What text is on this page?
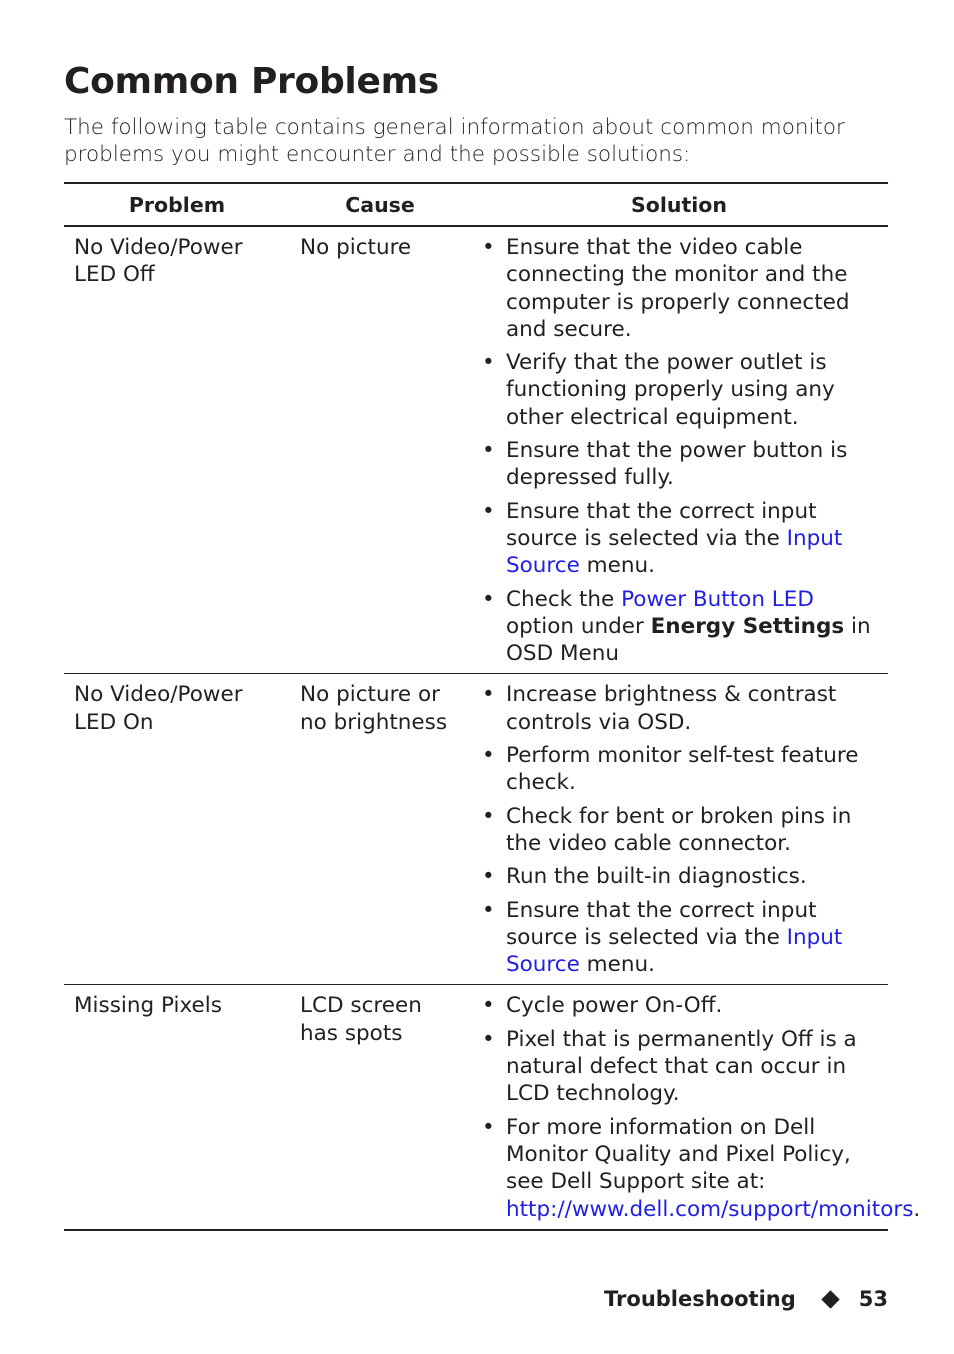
Common Problems

The following table contains general information about common monitor
problems you might encounter and the possible solutions:

Problem	Cause	Solution
No Video/Power LED Off
No picture
•	Ensure that the video cable connecting the monitor and the computer is properly connected and secure.
• Verify that the power outlet is functioning properly using any other electrical equipment.
• Ensure that the power button is depressed fully.
• Ensure that the correct input source is selected via the Input Source menu.
• Check the Power Button LED option under Energy Settings in OSD Menu
No Video/Power LED On
No picture or no brightness
• Increase brightness & contrast controls via OSD.
• Perform monitor self-test feature check.
• Check for bent or broken pins in the video cable connector.
• Run the built-in diagnostics.
• Ensure that the correct input source is selected via the Input Source menu.
Missing Pixels	LCD screen has spots
• Cycle power On-Off.
• Pixel that is permanently Off is a natural defect that can occur in LCD technology.
• For more information on Dell Monitor Quality and Pixel Policy, see Dell Support site at: http://www.dell.com/support/monitors.
Troubleshooting	53
